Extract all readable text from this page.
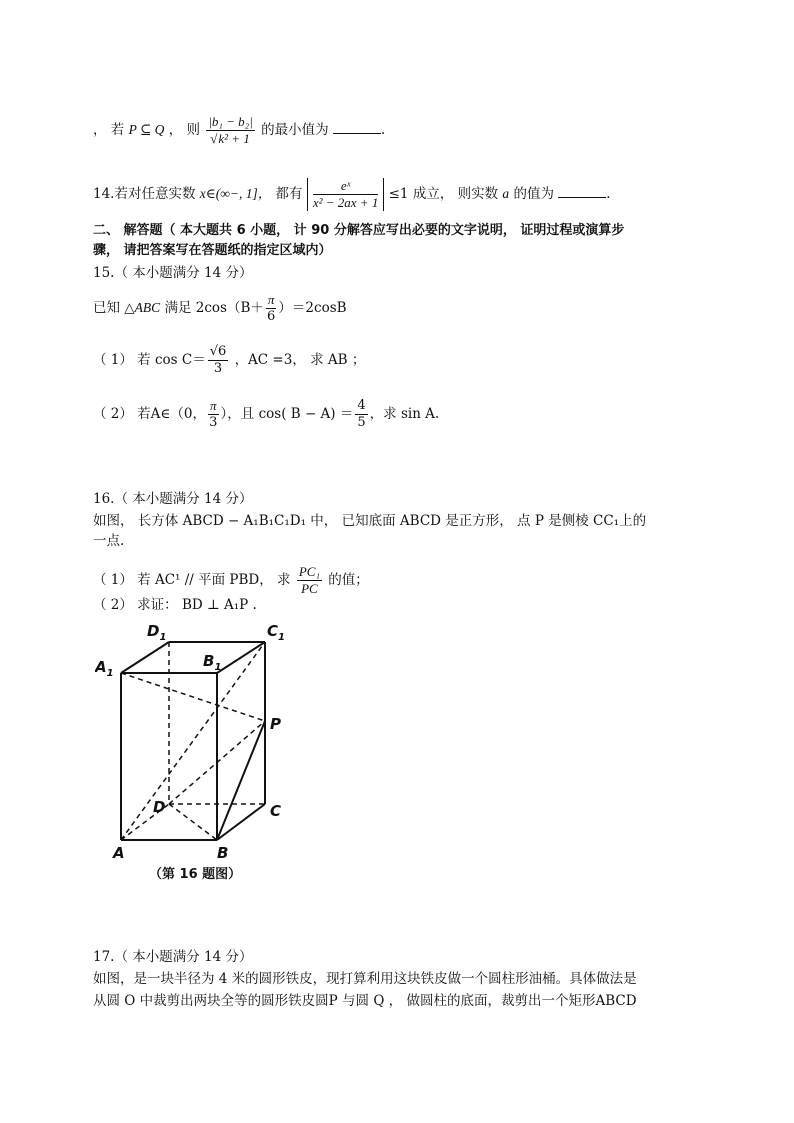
， 若 P ⊆ Q ， 则 $\frac{\text{|b₁ − b₂|}}{\text{√k² + 1}}$ 的最小值为	.
14.若对任意实数 x∈(∞−, 1]， 都有 $\frac{\text{eˣ}}{\text{x² − 2ax + 1}} \le 1$ 成立， 则实数 a 的值为	.
二、 解答题（ 本大题共 6 小题， 计 90 分解答应写出必要的文字说明， 证明过程或演算步
骤， 请把答案写在答题纸的指定区域内）
15.（ 本小题满分 14 分）
已知 △ABC 满足 $2\cos(B+ \frac{\pi}{6} )=2\cos B$
（ 1） 若 $\cos C= \frac{√6}{3}$ ，AC =3， 求 AB ；
（ 2） 若A∈（0， $\frac{\pi}{3}$ ），且 cos( $B - A) = \frac{4}{5}$ ，求 sin A.
16.（ 本小题满分 14 分）
如图， 长方体 ABCD − A₁B₁C₁D₁ 中， 已知底面 ABCD 是正方形， 点 P 是侧棱 CC₁上的
一点.
（ 1） 若 AC¹ // 平面 PBD， 求 $\frac{\text{PC₁}}{PC}$ 的值；
（ 2） 求证： BD ⊥ A₁P .
$D_1$	$C_1$
$A_1$
$B_1$
P
D	C
A	B
（第 16 题图）
17.（ 本小题满分 14 分）
如图，是一块半径为 4 米的圆形铁皮，现打算利用这块铁皮做一个圆柱形油桶。具体做法是
从圆 O 中裁剪出两块全等的圆形铁皮圆P 与圆 Q ， 做圆柱的底面，裁剪出一个矩形ABCD
